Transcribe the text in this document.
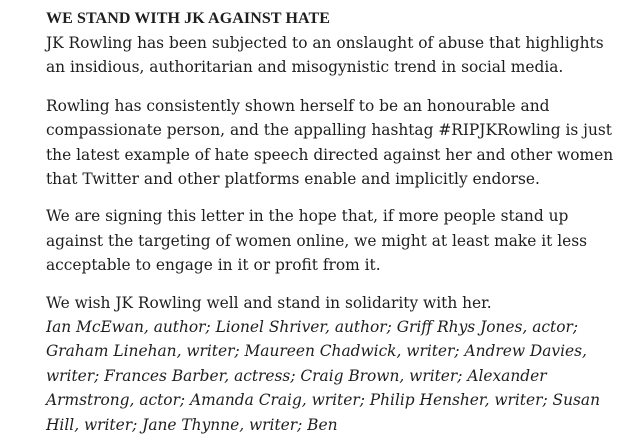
WE STAND WITH JK AGAINST HATE

JK Rowling has been subjected to an onslaught of abuse that highlights an insidious, authoritarian and misogynistic trend in social media.

Rowling has consistently shown herself to be an honourable and compassionate person, and the appalling hashtag #RIPJKRowling is just the latest example of hate speech directed against her and other women that Twitter and other platforms enable and implicitly endorse.

We are signing this letter in the hope that, if more people stand up against the targeting of women online, we might at least make it less acceptable to engage in it or profit from it.

We wish JK Rowling well and stand in solidarity with her.

Ian McEwan, author; Lionel Shriver, author; Griff Rhys Jones, actor; Graham Linehan, writer; Maureen Chadwick, writer; Andrew Davies, writer; Frances Barber, actress; Craig Brown, writer; Alexander Armstrong, actor; Amanda Craig, writer; Philip Hensher, writer; Susan Hill, writer; Jane Thynne, writer; Ben
